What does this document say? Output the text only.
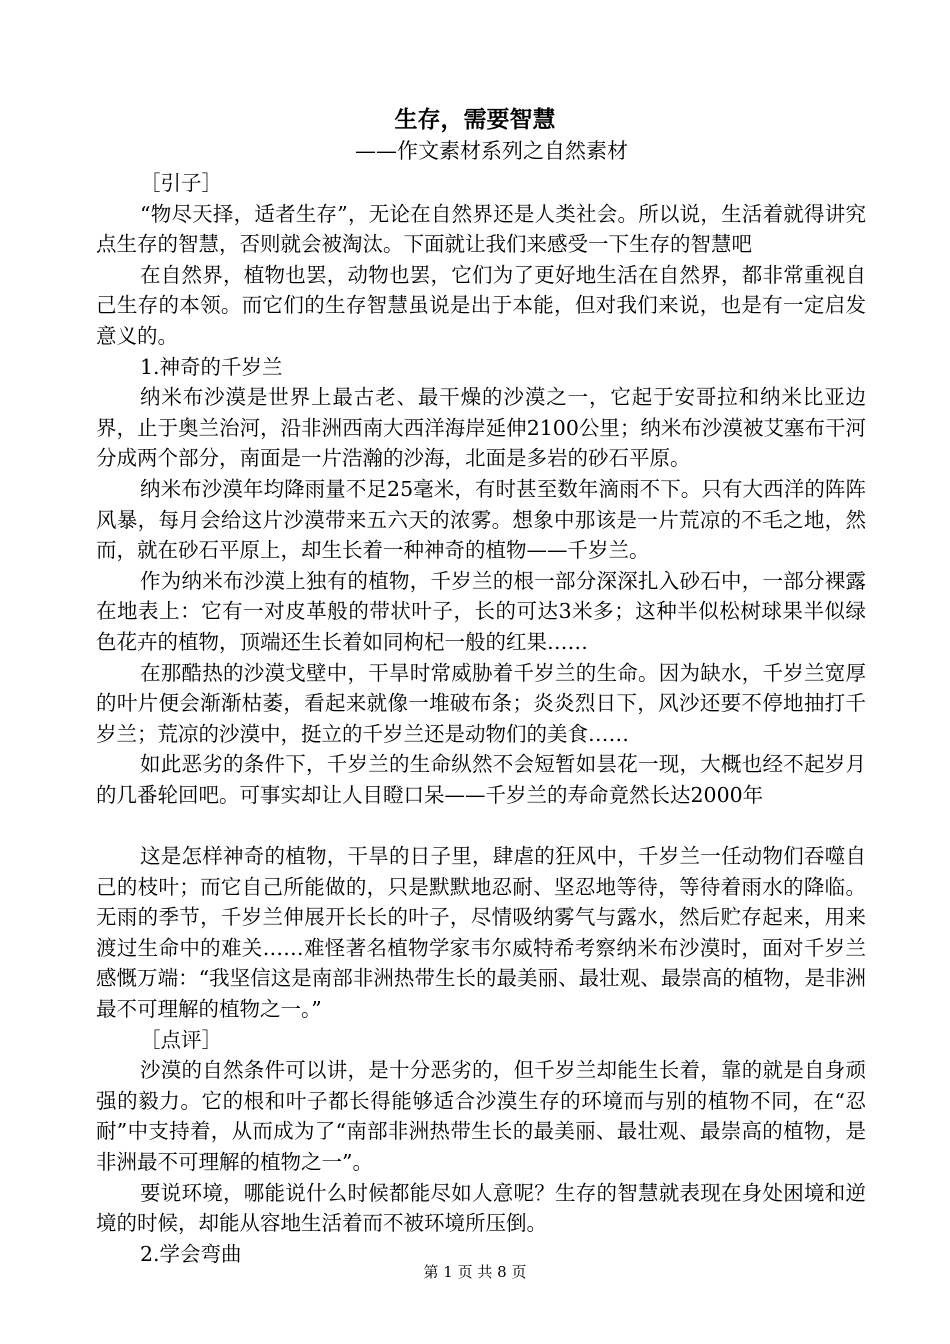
生存，需要智慧
——作文素材系列之自然素材

［引子］

“物尽天择，适者生存”，无论在自然界还是人类社会。所以说，生活着就得讲究点生存的智慧，否则就会被淘汰。下面就让我们来感受一下生存的智慧吧

在自然界，植物也罢，动物也罢，它们为了更好地生活在自然界，都非常重视自己生存的本领。而它们的生存智慧虽说是出于本能，但对我们来说，也是有一定启发意义的。

1.神奇的千岁兰

纳米布沙漠是世界上最古老、最干燥的沙漠之一，它起于安哥拉和纳米比亚边界，止于奥兰治河，沿非洲西南大西洋海岸延伸2100公里；纳米布沙漠被艾塞布干河分成两个部分，南面是一片浩瀚的沙海，北面是多岩的砂石平原。

纳米布沙漠年均降雨量不足25毫米，有时甚至数年滴雨不下。只有大西洋的阵阵风暴，每月会给这片沙漠带来五六天的浓雾。想象中那该是一片荒凉的不毛之地，然而，就在砂石平原上，却生长着一种神奇的植物——千岁兰。

作为纳米布沙漠上独有的植物，千岁兰的根一部分深深扎入砂石中，一部分裸露在地表上：它有一对皮革般的带状叶子，长的可达3米多；这种半似松树球果半似绿色花卉的植物，顶端还生长着如同枸杞一般的红果……

在那酷热的沙漠戈壁中，干旱时常威胁着千岁兰的生命。因为缺水，千岁兰宽厚的叶片便会渐渐枯萎，看起来就像一堆破布条；炎炎烈日下，风沙还要不停地抽打千岁兰；荒凉的沙漠中，挺立的千岁兰还是动物们的美食……

如此恶劣的条件下，千岁兰的生命纵然不会短暂如昙花一现，大概也经不起岁月的几番轮回吧。可事实却让人目瞪口呆——千岁兰的寿命竟然长达2000年

这是怎样神奇的植物，干旱的日子里，肆虐的狂风中，千岁兰一任动物们吞噬自己的枝叶；而它自己所能做的，只是默默地忍耐、坚忍地等待，等待着雨水的降临。无雨的季节，千岁兰伸展开长长的叶子，尽情吸纳雾气与露水，然后贮存起来，用来渡过生命中的难关……难怪著名植物学家韦尔威特希考察纳米布沙漠时，面对千岁兰感慨万端：“我坚信这是南部非洲热带生长的最美丽、最壮观、最崇高的植物，是非洲最不可理解的植物之一。”

［点评］

沙漠的自然条件可以讲，是十分恶劣的，但千岁兰却能生长着，靠的就是自身顽强的毅力。它的根和叶子都长得能够适合沙漠生存的环境而与别的植物不同，在“忍耐”中支持着，从而成为了“南部非洲热带生长的最美丽、最壮观、最崇高的植物，是非洲最不可理解的植物之一”。

要说环境，哪能说什么时候都能尽如人意呢？生存的智慧就表现在身处困境和逆境的时候，却能从容地生活着而不被环境所压倒。

2.学会弯曲

第 1 页 共 8 页
